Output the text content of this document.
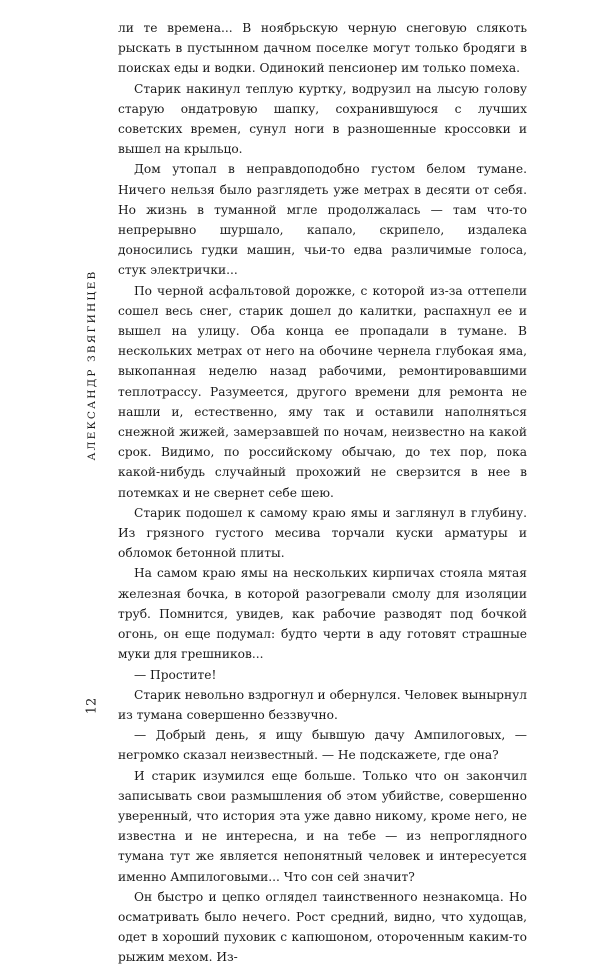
АЛЕКСАНДР ЗВЯГИНЦЕВ
12

ли те времена... В ноябрьскую черную снеговую слякоть рыскать в пустынном дачном поселке могут только бродяги в поисках еды и водки. Одинокий пенсионер им только помеха.

Старик накинул теплую куртку, водрузил на лысую голову старую ондатровую шапку, сохранившуюся с лучших советских времен, сунул ноги в разношенные кроссовки и вышел на крыльцо.

Дом утопал в неправдоподобно густом белом тумане. Ничего нельзя было разглядеть уже метрах в десяти от себя. Но жизнь в туманной мгле продолжалась — там что-то непрерывно шуршало, капало, скрипело, издалека доносились гудки машин, чьи-то едва различимые голоса, стук электрички...

По черной асфальтовой дорожке, с которой из-за оттепели сошел весь снег, старик дошел до калитки, распахнул ее и вышел на улицу. Оба конца ее пропадали в тумане. В нескольких метрах от него на обочине чернела глубокая яма, выкопанная неделю назад рабочими, ремонтировавшими теплотрассу. Разумеется, другого времени для ремонта не нашли и, естественно, яму так и оставили наполняться снежной жижей, замерзавшей по ночам, неизвестно на какой срок. Видимо, по российскому обычаю, до тех пор, пока какой-нибудь случайный прохожий не сверзится в нее в потемках и не свернет себе шею.

Старик подошел к самому краю ямы и заглянул в глубину. Из грязного густого месива торчали куски арматуры и обломок бетонной плиты.

На самом краю ямы на нескольких кирпичах стояла мятая железная бочка, в которой разогревали смолу для изоляции труб. Помнится, увидев, как рабочие разводят под бочкой огонь, он еще подумал: будто черти в аду готовят страшные муки для грешников...

— Простите!

Старик невольно вздрогнул и обернулся. Человек вынырнул из тумана совершенно беззвучно.

— Добрый день, я ищу бывшую дачу Ампилоговых, — негромко сказал неизвестный. — Не подскажете, где она?

И старик изумился еще больше. Только что он закончил записывать свои размышления об этом убийстве, совершенно уверенный, что история эта уже давно никому, кроме него, не известна и не интересна, и на тебе — из непроглядного тумана тут же является непонятный человек и интересуется именно Ампилоговыми... Что сон сей значит?

Он быстро и цепко оглядел таинственного незнакомца. Но осматривать было нечего. Рост средний, видно, что худощав, одет в хороший пуховик с капюшоном, отороченным каким-то рыжим мехом. Из-
